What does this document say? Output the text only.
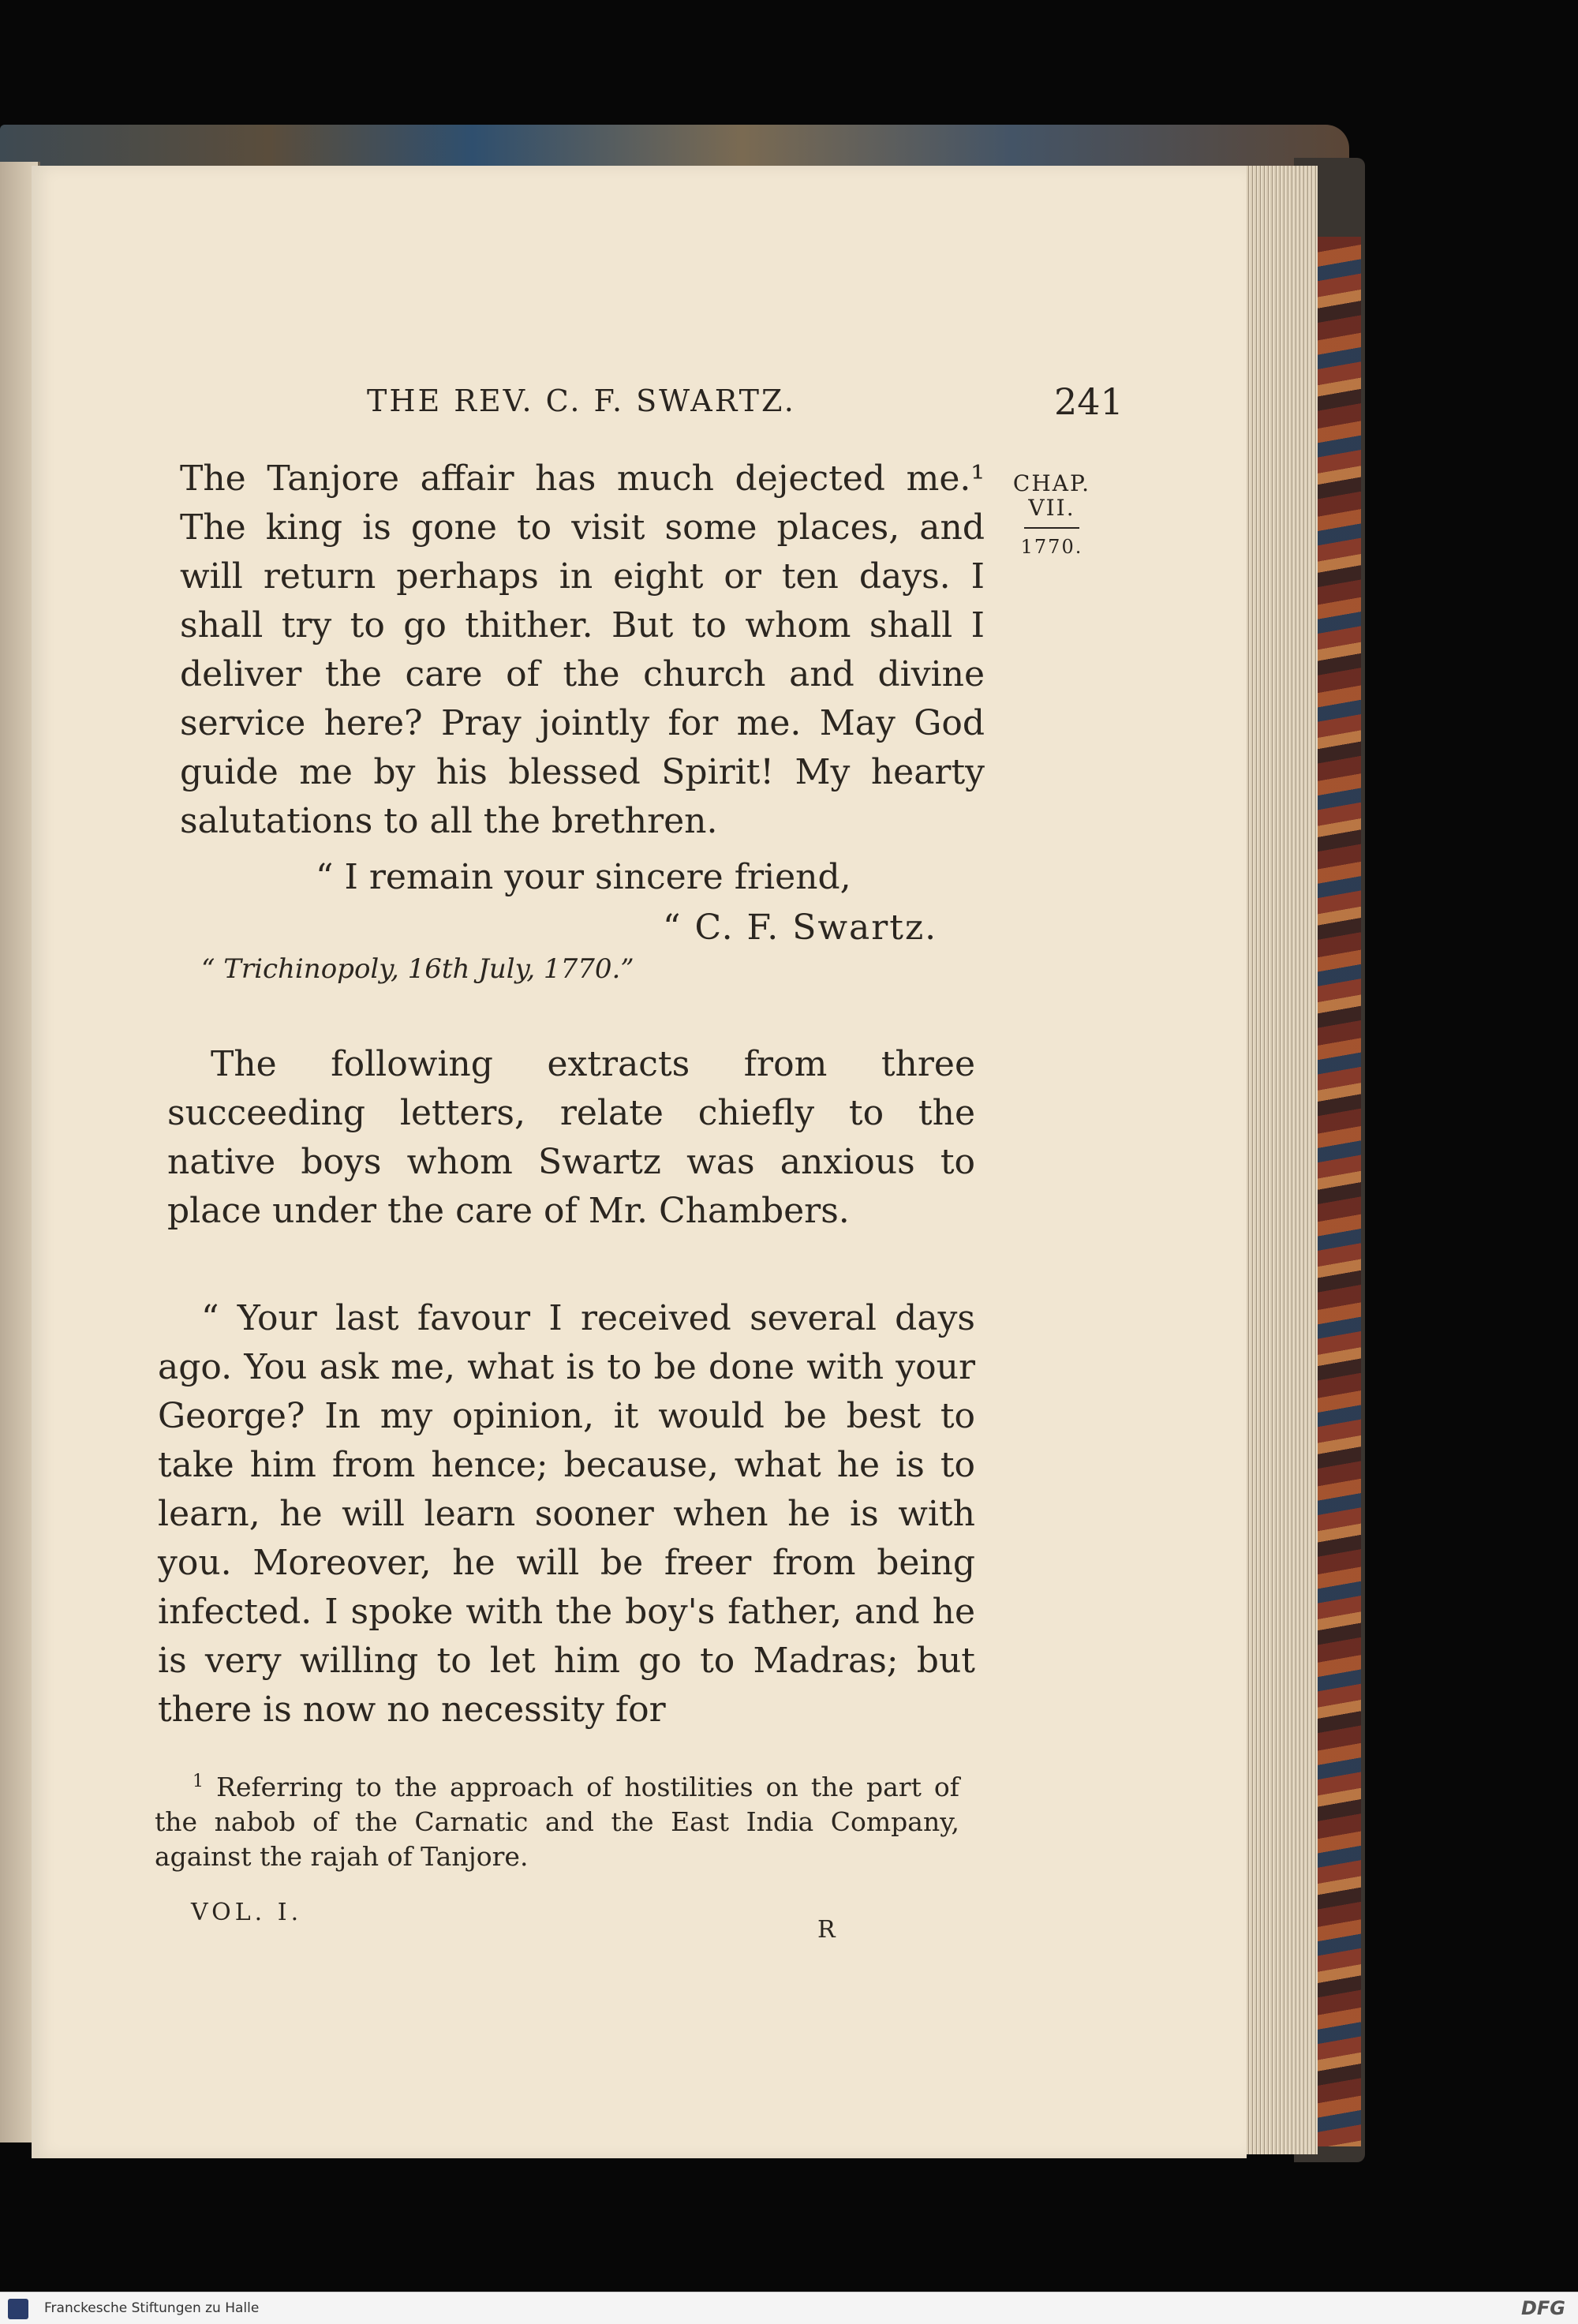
THE REV. C. F. SWARTZ.	241
CHAP.
VII.
1770.
The Tanjore affair has much dejected me.¹ The king is gone to visit some places, and will return perhaps in eight or ten days. I shall try to go thither. But to whom shall I deliver the care of the church and divine service here? Pray jointly for me. May God guide me by his blessed Spirit! My hearty salutations to all the brethren.
“ I remain your sincere friend,
“ C. F. Swartz.
“ Trichinopoly, 16th July, 1770.”
The following extracts from three succeeding letters, relate chiefly to the native boys whom Swartz was anxious to place under the care of Mr. Chambers.
“ Your last favour I received several days ago. You ask me, what is to be done with your George? In my opinion, it would be best to take him from hence; because, what he is to learn, he will learn sooner when he is with you. Moreover, he will be freer from being infected. I spoke with the boy's father, and he is very willing to let him go to Madras; but there is now no necessity for
$^1$ Referring to the approach of hostilities on the part of the nabob of the Carnatic and the East India Company, against the rajah of Tanjore.
VOL. I.
R
Franckesche Stiftungen zu Halle	DFG
